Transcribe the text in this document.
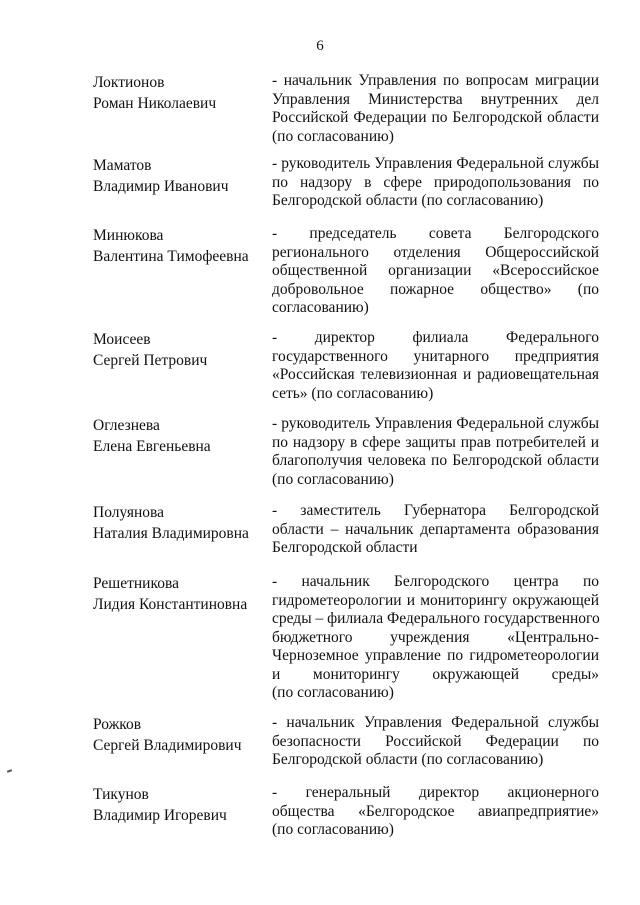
6
Локтионов
Роман Николаевич
- начальник Управления по вопросам миграции
Управления Министерства внутренних дел
Российской Федерации по Белгородской области
(по согласованию)
Маматов
Владимир Иванович
- руководитель Управления Федеральной службы
по надзору в сфере природопользования по
Белгородской области (по согласованию)
Минюкова
Валентина Тимофеевна
- председатель совета Белгородского
регионального отделения Общероссийской
общественной организации «Всероссийское
добровольное пожарное общество» (по
согласованию)
Моисеев
Сергей Петрович
- директор филиала Федерального
государственного унитарного предприятия
«Российская телевизионная и радиовещательная
сеть» (по согласованию)
Оглезнева
Елена Евгеньевна
- руководитель Управления Федеральной службы
по надзору в сфере защиты прав потребителей и
благополучия человека по Белгородской области
(по согласованию)
Полуянова
Наталия Владимировна
- заместитель Губернатора Белгородской
области – начальник департамента образования
Белгородской области
Решетникова
Лидия Константиновна
- начальник Белгородского центра по
гидрометеорологии и мониторингу окружающей
среды – филиала Федерального государственного
бюджетного учреждения «Центрально-
Черноземное управление по гидрометеорологии
и мониторингу окружающей среды»
(по согласованию)
Рожков
Сергей Владимирович
- начальник Управления Федеральной службы
безопасности Российской Федерации по
Белгородской области (по согласованию)
Тикунов
Владимир Игоревич
- генеральный директор акционерного
общества «Белгородское авиапредприятие»
(по согласованию)
